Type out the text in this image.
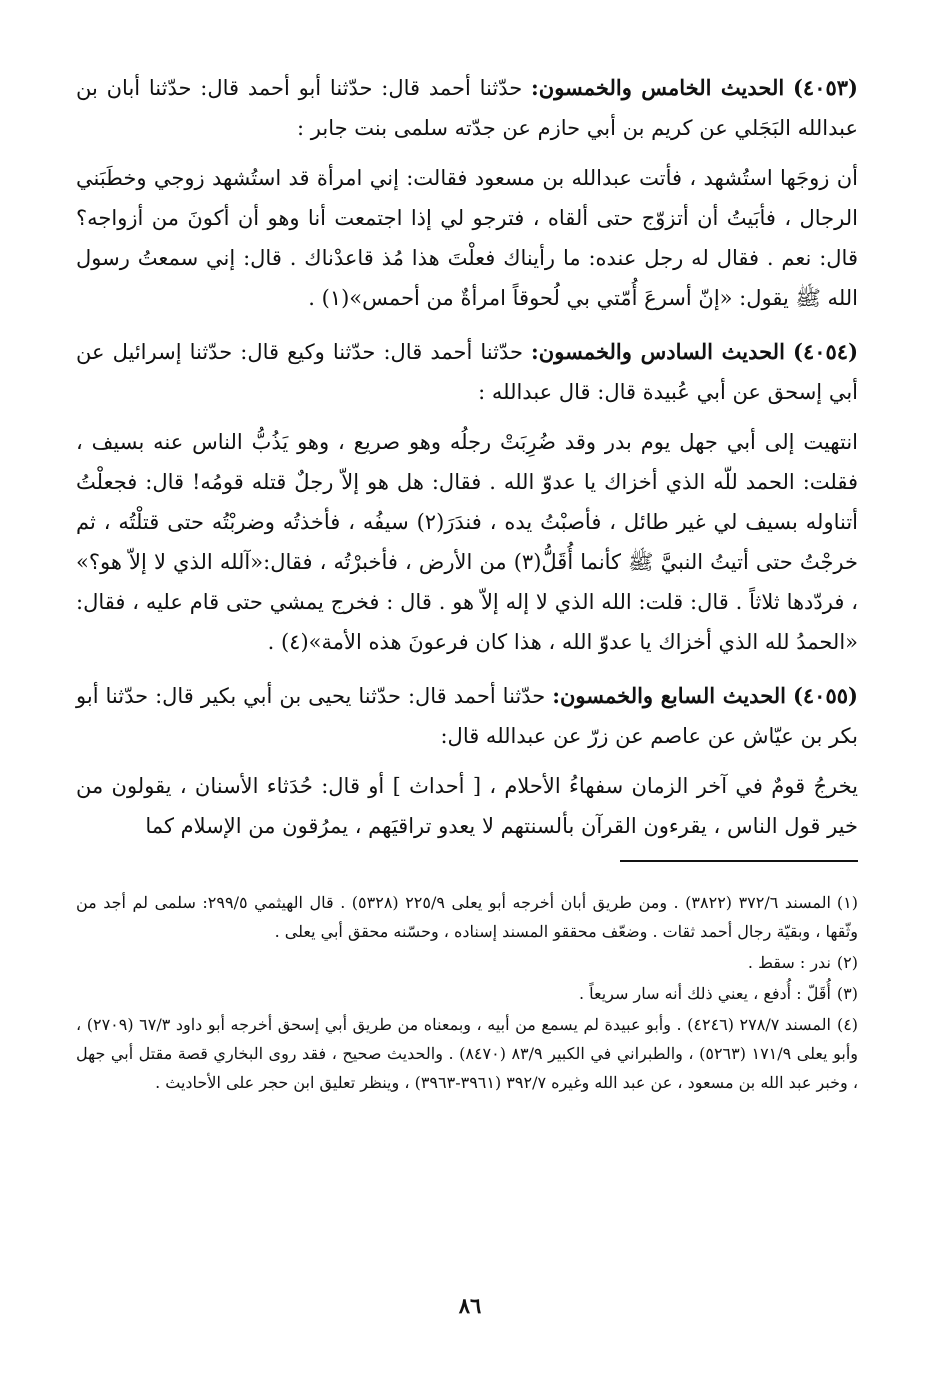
(٤٠٥٣) الحديث الخامس والخمسون: حدّثنا أحمد قال: حدّثنا أبو أحمد قال: حدّثنا أبان بن عبدالله البَجَلي عن كريم بن أبي حازم عن جدّته سلمى بنت جابر :

أن زوجَها استُشهد ، فأتت عبدالله بن مسعود فقالت: إني امرأة قد استُشهد زوجي وخطَبَني الرجال ، فأبَيتُ أن أتزوّج حتى ألقاه ، فترجو لي إذا اجتمعت أنا وهو أن أكونَ من أزواجه؟ قال: نعم . فقال له رجل عنده: ما رأيناك فعلْتَ هذا مُذ قاعدْناك . قال: إني سمعتُ رسول الله ﷺ يقول: «إنّ أسرعَ أُمّتي بي لُحوقاً امرأةٌ من أحمس»(١) .

(٤٠٥٤) الحديث السادس والخمسون: حدّثنا أحمد قال: حدّثنا وكيع قال: حدّثنا إسرائيل عن أبي إسحق عن أبي عُبيدة قال: قال عبدالله :

انتهيت إلى أبي جهل يوم بدر وقد ضُرِبَتْ رجلُه وهو صريع ، وهو يَذُبُّ الناس عنه بسيف ، فقلت: الحمد للّه الذي أخزاك يا عدوّ الله . فقال: هل هو إلاّ رجلٌ قتله قومُه! قال: فجعلْتُ أتناوله بسيف لي غير طائل ، فأصبْتُ يده ، فندَرَ(٢) سيفُه ، فأخذتُه وضربْتُه حتى قتلْتُه ، ثم خرجْتُ حتى أتيتُ النبيَّ ﷺ كأنما أُقَلُّ(٣) من الأرض ، فأخبرْتُه ، فقال:«آلله الذي لا إلاّ هو؟» ، فردّدها ثلاثاً . قال: قلت: الله الذي لا إله إلاّ هو . قال : فخرج يمشي حتى قام عليه ، فقال: «الحمدُ لله الذي أخزاك يا عدوّ الله ، هذا كان فرعونَ هذه الأمة»(٤) .

(٤٠٥٥) الحديث السابع والخمسون: حدّثنا أحمد قال: حدّثنا يحيى بن أبي بكير قال: حدّثنا أبو بكر بن عيّاش عن عاصم عن زرّ عن عبدالله قال:

يخرجُ قومٌ في آخر الزمان سفهاءُ الأحلام ، [ أحداث ] أو قال: حُدَثاء الأسنان ، يقولون من خير قول الناس ، يقرءون القرآن بألسنتهم لا يعدو تراقيَهم ، يمرُقون من الإسلام كما

(١)المسند ٣٧٢/٦ (٣٨٢٢) . ومن طريق أبان أخرجه أبو يعلى ٢٢٥/٩ (٥٣٢٨) . قال الهيثمي ٢٩٩/٥: سلمى لم أجد من وثّقها ، وبقيّة رجال أحمد ثقات . وضعّف محققو المسند إسناده ، وحسّنه محقق أبي يعلى .

(٢)ندر : سقط .

(٣)أُقَلّ : أُدفع ، يعني ذلك أنه سار سريعاً .

(٤)المسند ٢٧٨/٧ (٤٢٤٦) . وأبو عبيدة لم يسمع من أبيه ، وبمعناه من طريق أبي إسحق أخرجه أبو داود ٦٧/٣ (٢٧٠٩) ، وأبو يعلى ١٧١/٩ (٥٢٦٣) ، والطبراني في الكبير ٨٣/٩ (٨٤٧٠) . والحديث صحيح ، فقد روى البخاري قصة مقتل أبي جهل ، وخبر عبد الله بن مسعود ، عن عبد الله وغيره ٣٩٢/٧ (٣٩٦١-٣٩٦٣) ، وينظر تعليق ابن حجر على الأحاديث .

٨٦
